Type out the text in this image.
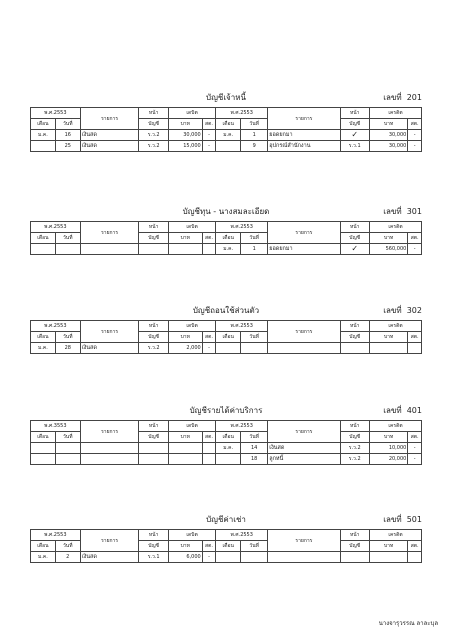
บัญชีเจ้าหนี้	เลขที่ 201
พ.ศ.2553		รายการ	หน้า	เดบิต		พ.ศ.2553		รายการ	หน้า	เครดิต	
เดือน	วันที่		บัญชี	บาท	สต.	เดือน	วันที่		บัญชี	บาท	สต.
ม.ค.	16	เงินสด	ร.ว.2	30,000	-	ม.ค.	1	ยอดยกมา	✓	30,000	-
	25	เงินสด	ร.ว.2	15,000	-		9	อุปกรณ์สำนักงาน	ร.ว.1	30,000	-
บัญชีทุน - นางสมละเอียด	เลขที่ 301
พ.ศ.2553		รายการ	หน้า	เดบิต		พ.ศ.2553		รายการ	หน้า	เครดิต	
เดือน	วันที่		บัญชี	บาท	สต.	เดือน	วันที่		บัญชี	บาท	สต.
						ม.ค.	1	ยอดยกมา	✓	560,000	-
บัญชีถอนใช้ส่วนตัว	เลขที่ 302
พ.ศ.2553		รายการ	หน้า	เดบิต		พ.ศ.2553		รายการ	หน้า	เครดิต	
เดือน	วันที่		บัญชี	บาท	สต.	เดือน	วันที่		บัญชี	บาท	สต.
ม.ค.	28	เงินสด	ร.ว.2	2,000	-						
บัญชีรายได้ค่าบริการ	เลขที่ 401
พ.ศ.3553		รายการ	หน้า	เดบิต		พ.ศ.2553		รายการ	หน้า	เครดิต	
เดือน	วันที่		บัญชี	บาท	สต.	เดือน	วันที่		บัญชี	บาท	สต.
						ม.ค.	14	เงินสด	ร.ว.2	10,000	-
							18	ลูกหนี้	ร.ว.2	20,000	-
บัญชีค่าเช่า	เลขที่ 501
พ.ศ.2553		รายการ	หน้า	เดบิต		พ.ศ.2553		รายการ	หน้า	เครดิต	
เดือน	วันที่		บัญชี	บาท	สต.	เดือน	วันที่		บัญชี	บาท	สต.
ม.ค.	2	เงินสด	ร.ว.1	6,000	-						
นางจารุวรรณ ลาละบุล
